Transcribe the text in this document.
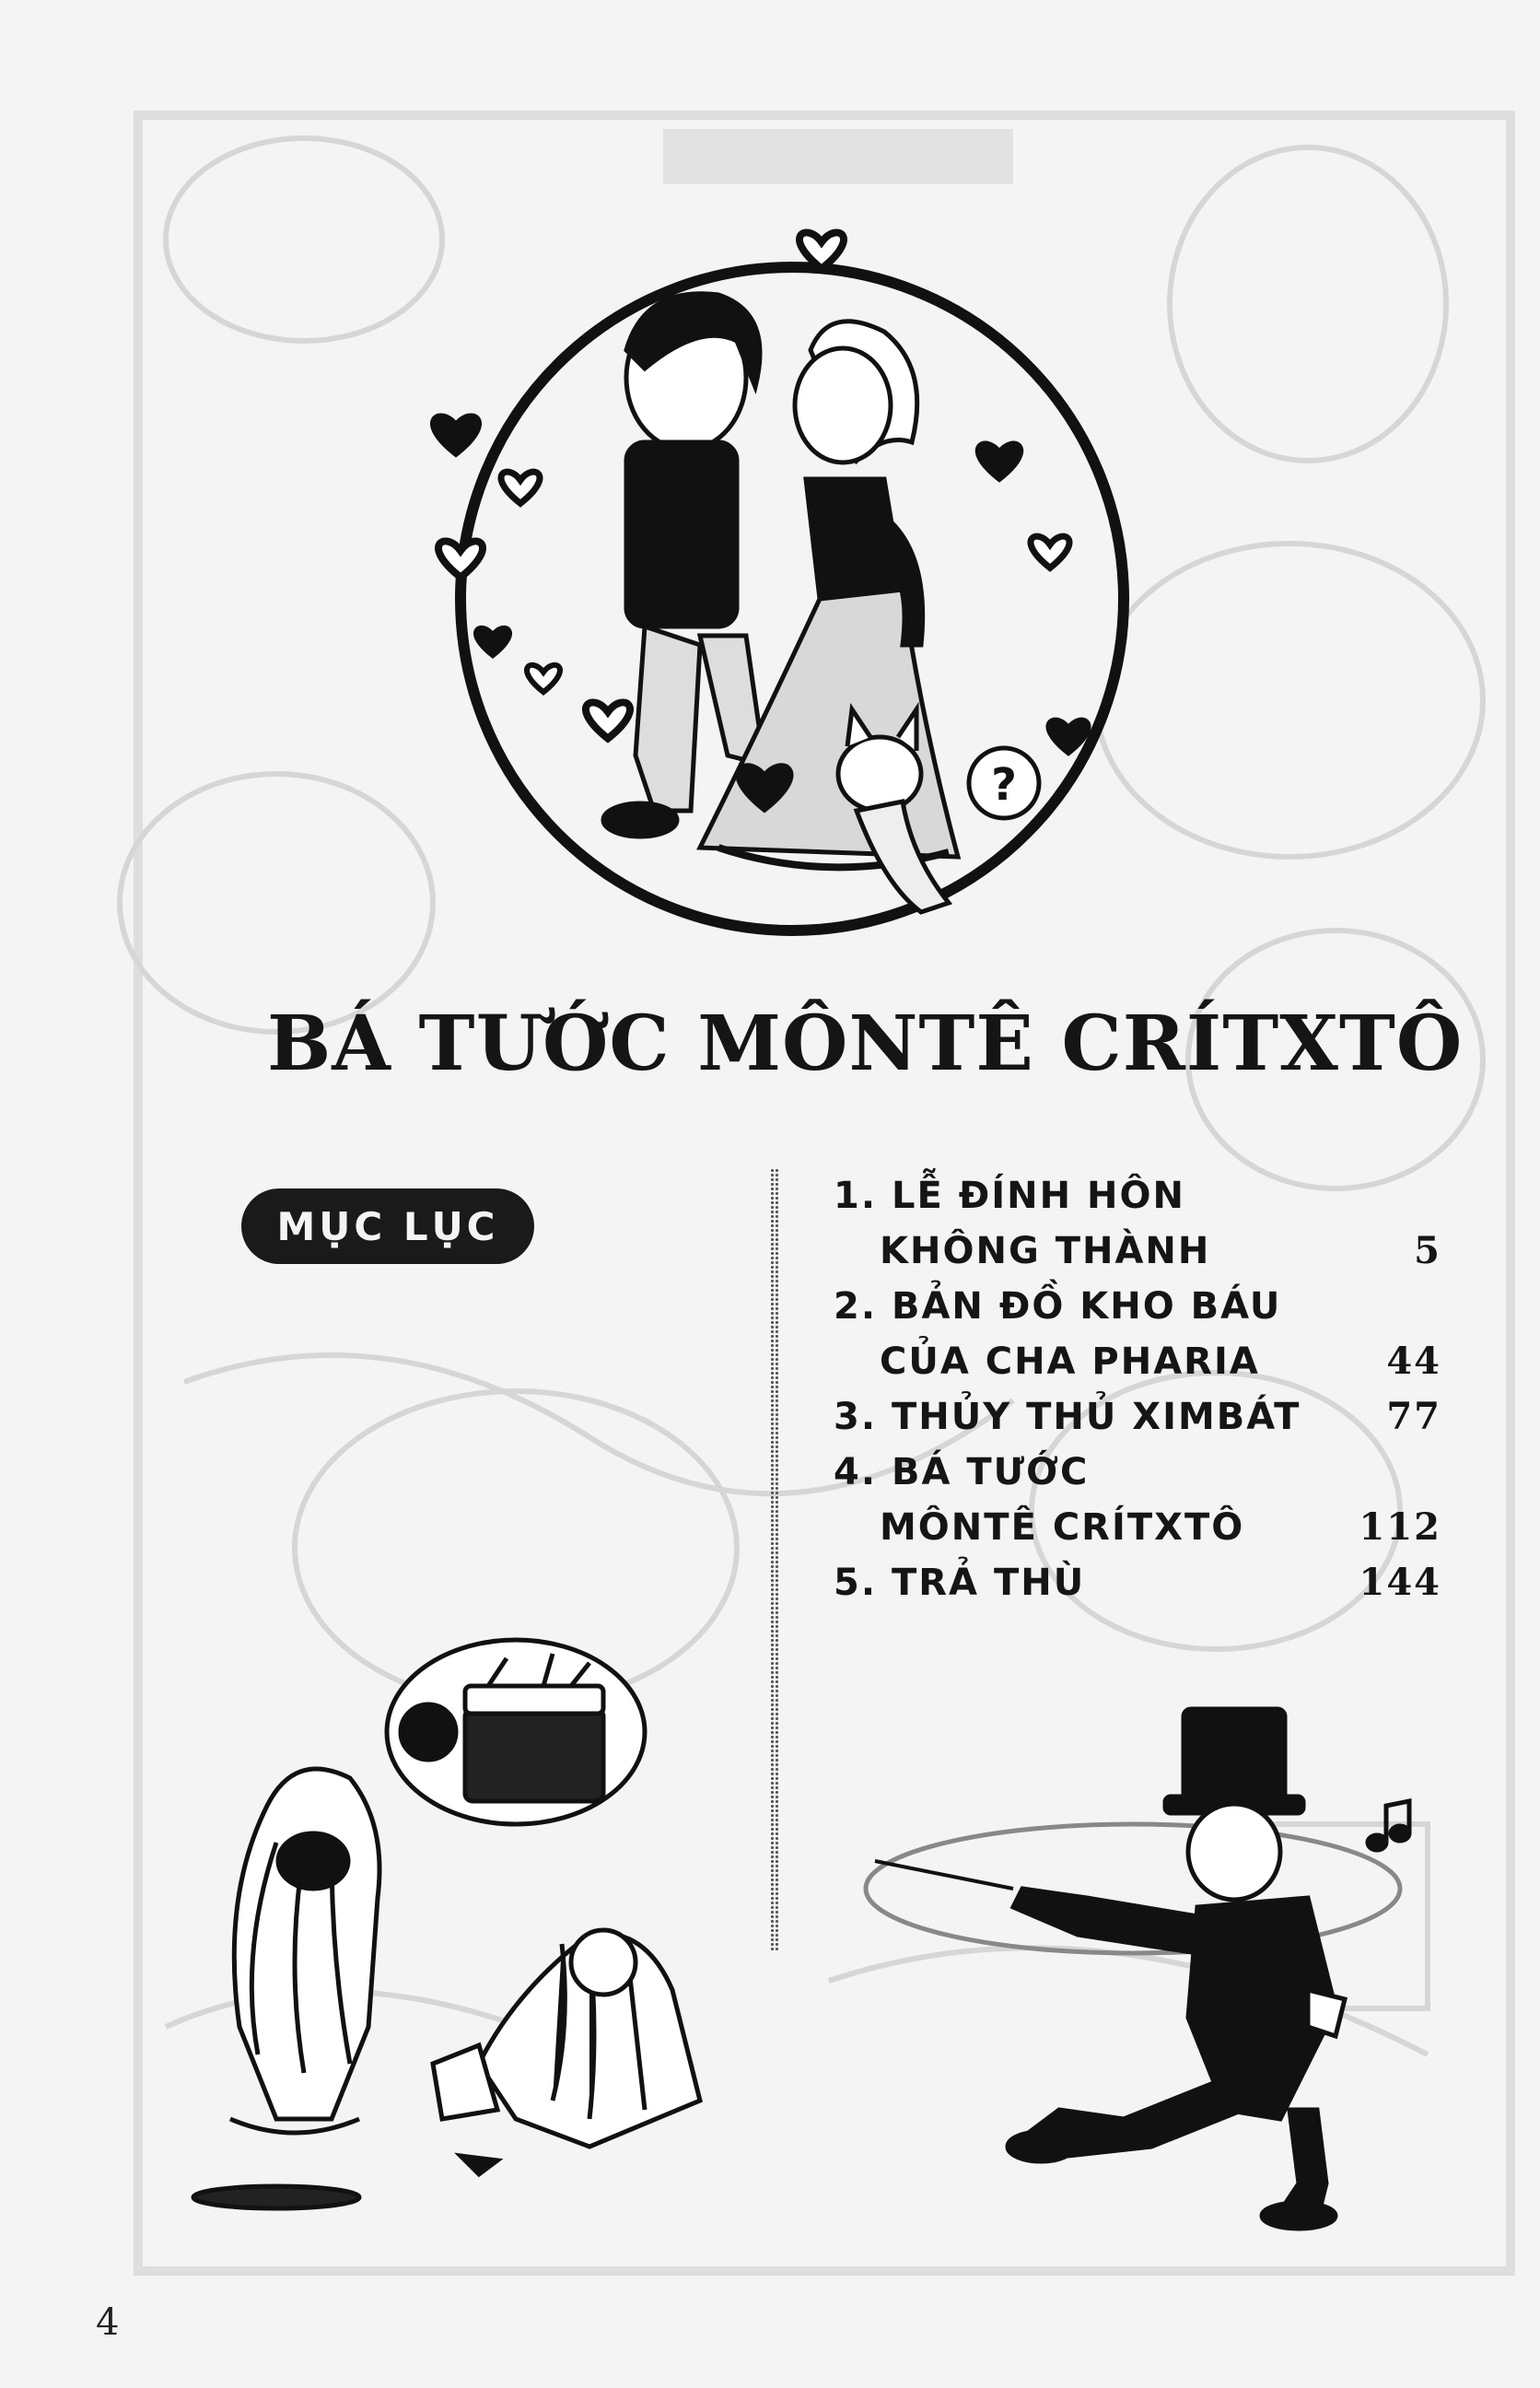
?
BÁ TƯỚC MÔNTÊ CRÍTXTÔ
MỤC LỤC
1. LỄ ĐÍNH HÔN
KHÔNG THÀNH	5
2. BẢN ĐỒ KHO BÁU
CỦA CHA PHARIA	44
3. THỦY THỦ XIMBÁT	77
4. BÁ TƯỚC
MÔNTÊ CRÍTXTÔ	112
5. TRẢ THÙ	144
4
